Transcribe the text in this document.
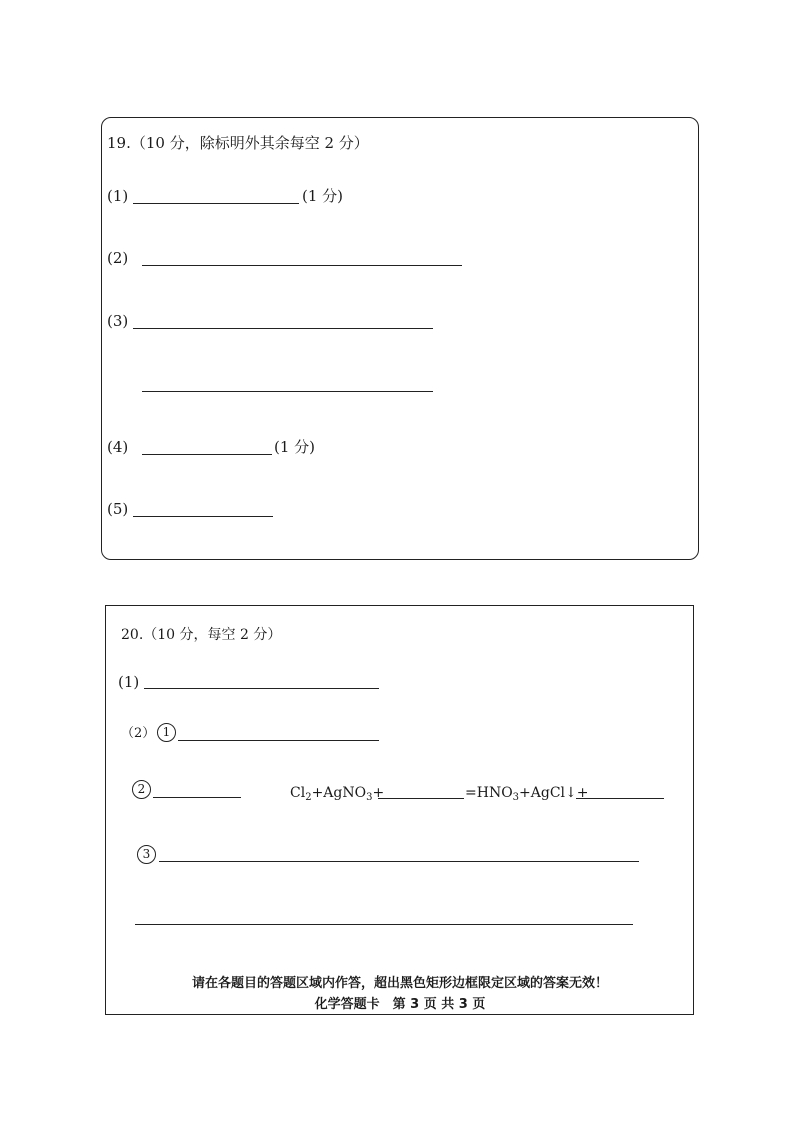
19.（10 分，除标明外其余每空 2 分）
(1)	(1 分)
(2)
(3)
(4)	(1 分)
(5)
20.（10 分，每空 2 分）
(1)
（2） 1
2	$Cl_2+AgNO_3+$	$=HNO_3+AgCl↓+$
3
请在各题目的答题区域内作答，超出黑色矩形边框限定区域的答案无效！
化学答题卡　第 3 页 共 3 页
